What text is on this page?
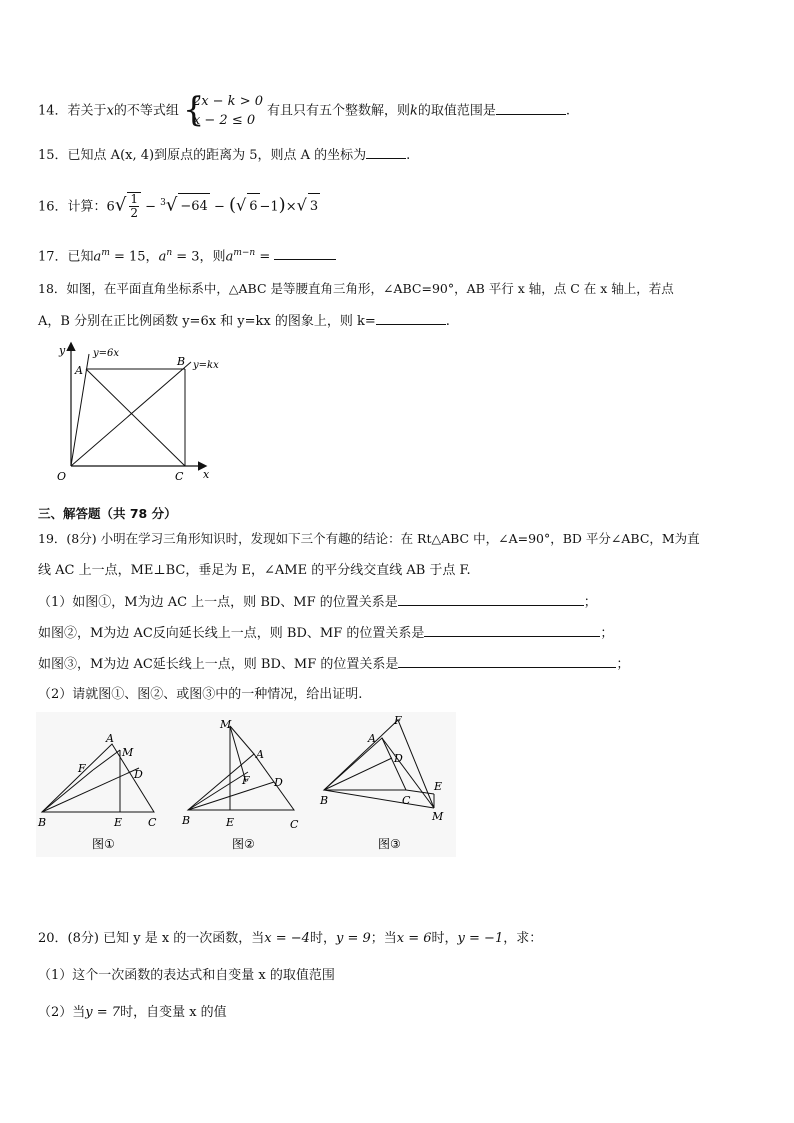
14．若关于x的不等式组 {
2x − k > 0
x − 2 ≤ 0
有且只有五个整数解，则k的取值范围是	.
15．已知点 A(x, 4)到原点的距离为 5，则点 A 的坐标为	.
16．计算：$6√ \frac{1}{2} - ^3√ -64$ − (√ 6 −1)×√ 3
17．已知$a^m = 15$，$a^n = 3$，则$a^{m-n}$ =
18．如图，在平面直角坐标系中，△ABC 是等腰直角三角形，∠ABC=90°，AB 平行 x 轴，点 C 在 x 轴上，若点
A，B 分别在正比例函数 y=6x 和 y=kx 的图象上，则 k=	.
y
x
O
A
B
C
y=6x
y=kx
三、解答题（共 78 分）
19．(8分) 小明在学习三角形知识时，发现如下三个有趣的结论：在 Rt△ABC 中，∠A=90°，BD 平分∠ABC，M为直
线 AC 上一点，ME⊥BC，垂足为 E，∠AME 的平分线交直线 AB 于点 F.
（1）如图①，M为边 AC 上一点，则 BD、MF 的位置关系是	；
如图②，M为边 AC反向延长线上一点，则 BD、MF 的位置关系是	；
如图③，M为边 AC延长线上一点，则 BD、MF 的位置关系是	；
（2）请就图①、图②、或图③中的一种情况，给出证明.
A
M
F	D
B	E C
图①
M
A
F D
B	E	C
图②
F
A
D
E
B	C
M
图③
20．(8分) 已知 y 是 x 的一次函数，当x = −4时，y = 9；当x = 6时，y = −1，求：
（1）这个一次函数的表达式和自变量 x 的取值范围
（2）当y = 7时，自变量 x 的值
